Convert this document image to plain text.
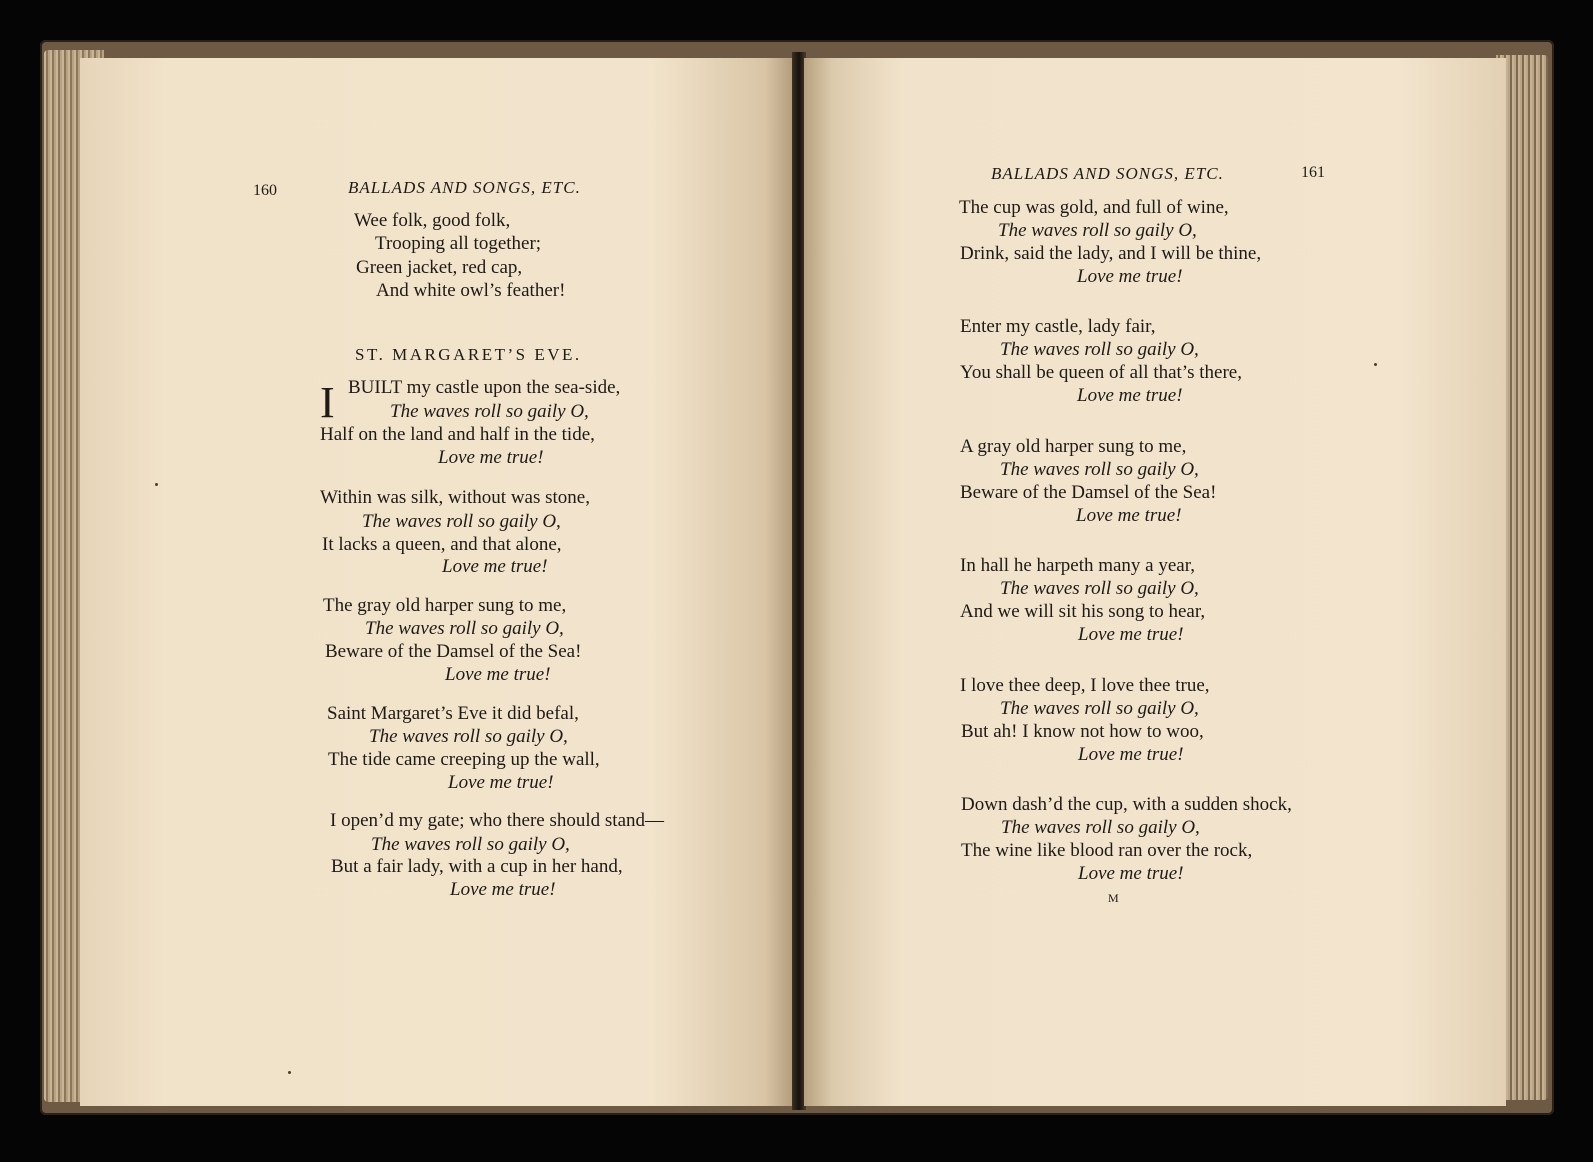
160	BALLADS AND SONGS, ETC.
Wee folk, good folk,
Trooping all together;
Green jacket, red cap,
And white owl’s feather!
ST. MARGARET’S EVE.
I BUILT my castle upon the sea-side,
The waves roll so gaily O,
Half on the land and half in the tide,
Love me true!
Within was silk, without was stone,
The waves roll so gaily O,
It lacks a queen, and that alone,
Love me true!
The gray old harper sung to me,
The waves roll so gaily O,
Beware of the Damsel of the Sea!
Love me true!
Saint Margaret’s Eve it did befal,
The waves roll so gaily O,
The tide came creeping up the wall,
Love me true!
I open’d my gate; who there should stand—
The waves roll so gaily O,
But a fair lady, with a cup in her hand,
Love me true!
BALLADS AND SONGS, ETC.	161
The cup was gold, and full of wine,
The waves roll so gaily O,
Drink, said the lady, and I will be thine,
Love me true!
Enter my castle, lady fair,
The waves roll so gaily O,
You shall be queen of all that’s there,
Love me true!
A gray old harper sung to me,
The waves roll so gaily O,
Beware of the Damsel of the Sea!
Love me true!
In hall he harpeth many a year,
The waves roll so gaily O,
And we will sit his song to hear,
Love me true!
I love thee deep, I love thee true,
The waves roll so gaily O,
But ah! I know not how to woo,
Love me true!
Down dash’d the cup, with a sudden shock,
The waves roll so gaily O,
The wine like blood ran over the rock,
Love me true!
M
